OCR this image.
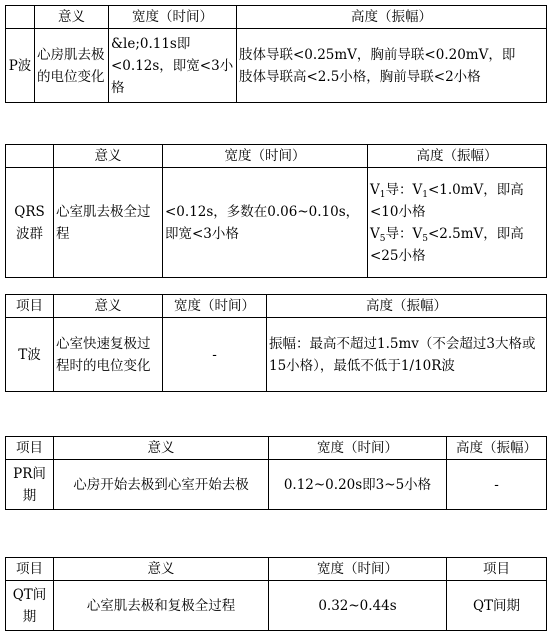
	意义	宽度（时间）	高度（振幅）
P波	心房肌去极的电位变化	&le;0.11s即<0.12s，即宽<3小格	肢体导联<0.25mV，胸前导联<0.20mV，即
肢体导联高<2.5小格，胸前导联<2小格
	意义	宽度（时间）	高度（振幅）
QRS波群	心室肌去极全过程	<0.12s，多数在0.06~0.10s，即宽<3小格	$V_1$导：$V_1<1.0mV$，即高<10小格
$V_5$导：$V_5<2.5mV$，即高<25小格
项目	意义	宽度（时间）	高度（振幅）
T波	心室快速复极过程时的电位变化	-	振幅：最高不超过1.5mv（不会超过3大格或15小格），最低不低于1/10R波
项目	意义	宽度（时间）	高度（振幅）
PR间期	心房开始去极到心室开始去极	0.12~0.20s即3~5小格	-
项目	意义	宽度（时间）	项目
QT间期	心室肌去极和复极全过程	0.32~0.44s	QT间期
